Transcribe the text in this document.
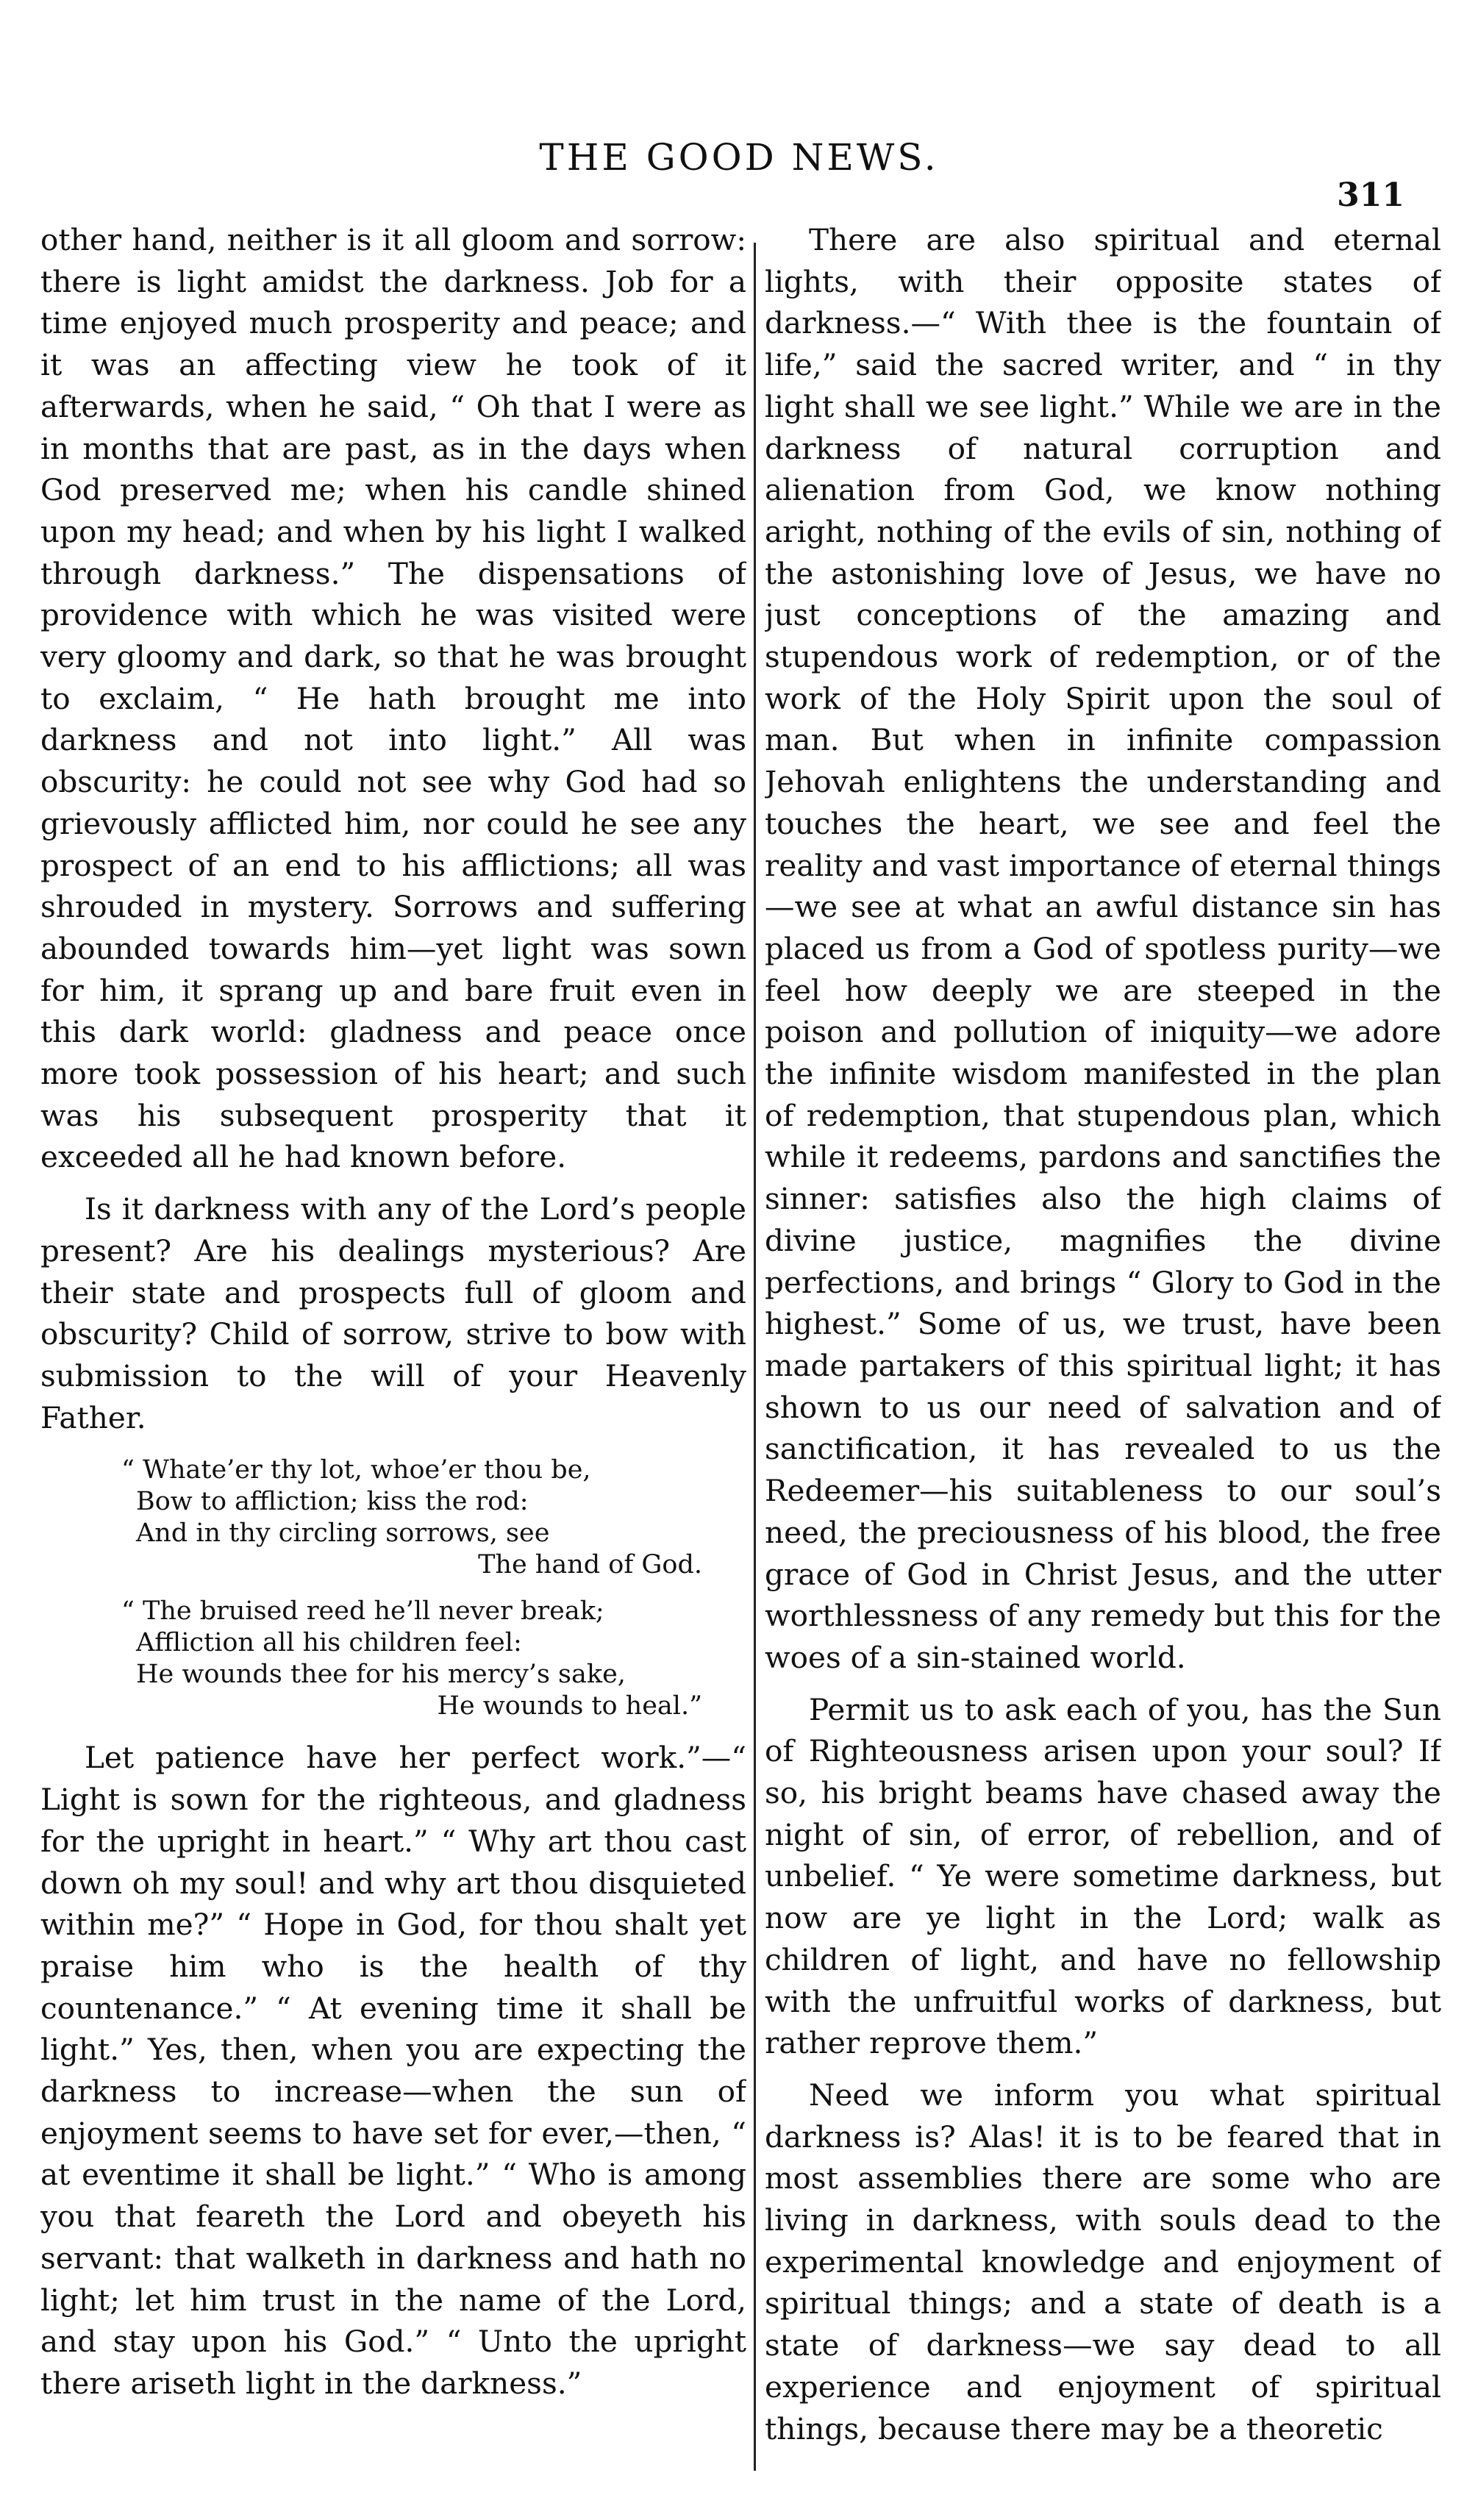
THE GOOD NEWS.
311

other hand, neither is it all gloom and sorrow: there is light amidst the darkness. Job for a time enjoyed much prosperity and peace; and it was an affecting view he took of it afterwards, when he said, “ Oh that I were as in months that are past, as in the days when God preserved me; when his candle shined upon my head; and when by his light I walked through darkness.” The dispensations of providence with which he was visited were very gloomy and dark, so that he was brought to exclaim, “ He hath brought me into darkness and not into light.” All was obscurity: he could not see why God had so grievously afflicted him, nor could he see any prospect of an end to his afflictions; all was shrouded in mystery. Sorrows and suffering abounded towards him—yet light was sown for him, it sprang up and bare fruit even in this dark world: gladness and peace once more took possession of his heart; and such was his subsequent prosperity that it exceeded all he had known before.

Is it darkness with any of the Lord’s people present? Are his dealings mysterious? Are their state and prospects full of gloom and obscurity? Child of sorrow, strive to bow with submission to the will of your Heavenly Father.

“ Whate’er thy lot, whoe’er thou be,
Bow to affliction; kiss the rod:
And in thy circling sorrows, see
The hand of God.
“ The bruised reed he’ll never break;
Affliction all his children feel:
He wounds thee for his mercy’s sake,
He wounds to heal.”

Let patience have her perfect work.”—“ Light is sown for the righteous, and gladness for the upright in heart.” “ Why art thou cast down oh my soul! and why art thou disquieted within me?” “ Hope in God, for thou shalt yet praise him who is the health of thy countenance.” “ At evening time it shall be light.” Yes, then, when you are expecting the darkness to increase—when the sun of enjoyment seems to have set for ever,—then, “ at eventime it shall be light.” “ Who is among you that feareth the Lord and obeyeth his servant: that walketh in darkness and hath no light; let him trust in the name of the Lord, and stay upon his God.” “ Unto the upright there ariseth light in the darkness.”

There are also spiritual and eternal lights, with their opposite states of darkness.—“ With thee is the fountain of life,” said the sacred writer, and “ in thy light shall we see light.” While we are in the darkness of natural corruption and alienation from God, we know nothing aright, nothing of the evils of sin, nothing of the astonishing love of Jesus, we have no just conceptions of the amazing and stupendous work of redemption, or of the work of the Holy Spirit upon the soul of man. But when in infinite compassion Jehovah enlightens the understanding and touches the heart, we see and feel the reality and vast importance of eternal things—we see at what an awful distance sin has placed us from a God of spotless purity—we feel how deeply we are steeped in the poison and pollution of iniquity—we adore the infinite wisdom manifested in the plan of redemption, that stupendous plan, which while it redeems, pardons and sanctifies the sinner: satisfies also the high claims of divine justice, magnifies the divine perfections, and brings “ Glory to God in the highest.” Some of us, we trust, have been made partakers of this spiritual light; it has shown to us our need of salvation and of sanctification, it has revealed to us the Redeemer—his suitableness to our soul’s need, the preciousness of his blood, the free grace of God in Christ Jesus, and the utter worthlessness of any remedy but this for the woes of a sin-stained world.

Permit us to ask each of you, has the Sun of Righteousness arisen upon your soul? If so, his bright beams have chased away the night of sin, of error, of rebellion, and of unbelief. “ Ye were sometime darkness, but now are ye light in the Lord; walk as children of light, and have no fellowship with the unfruitful works of darkness, but rather reprove them.”

Need we inform you what spiritual darkness is? Alas! it is to be feared that in most assemblies there are some who are living in darkness, with souls dead to the experimental knowledge and enjoyment of spiritual things; and a state of death is a state of darkness—we say dead to all experience and enjoyment of spiritual things, because there may be a theoretic
